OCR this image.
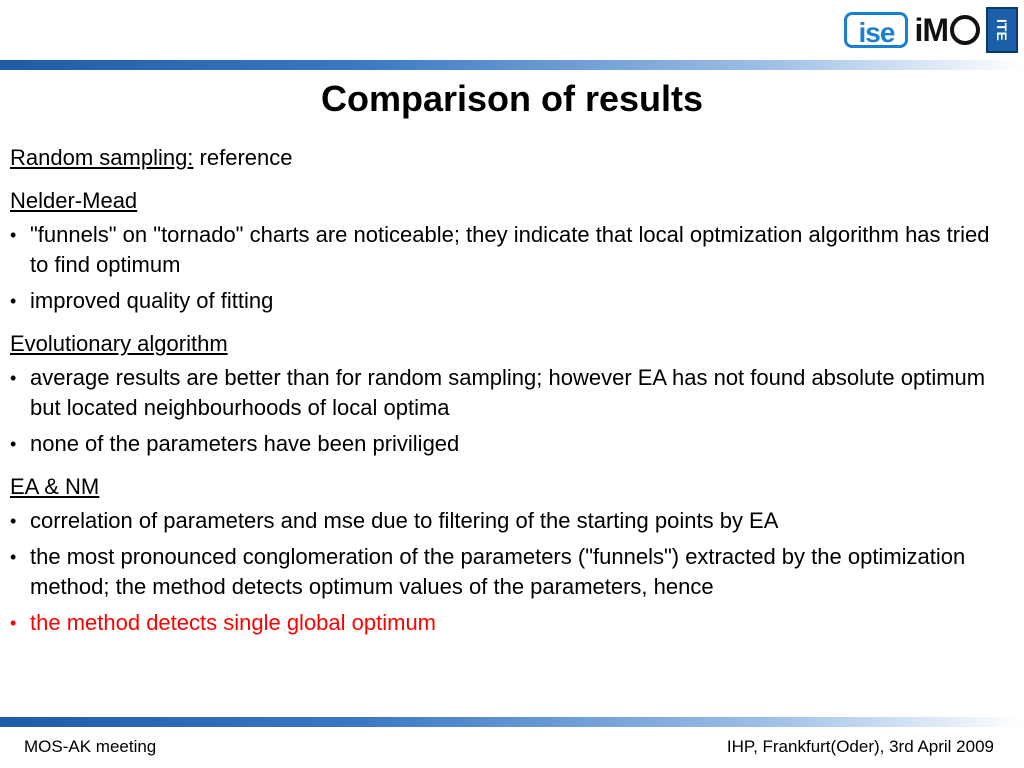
ise iM	ITE
Comparison of results
Random sampling: reference
Nelder-Mead
• "funnels" on "tornado" charts are noticeable; they indicate that local optmization algorithm has tried to find optimum
• improved quality of fitting
Evolutionary algorithm
• average results are better than for random sampling; however EA has not found absolute optimum but located neighbourhoods of local optima
• none of the parameters have been priviliged
EA & NM
• correlation of parameters and mse due to filtering of the starting points by EA
• the most pronounced conglomeration of the parameters ("funnels") extracted by the optimization method; the method detects optimum values of the parameters, hence
• the method detects single global optimum
MOS-AK meeting	IHP, Frankfurt(Oder), 3rd April 2009
